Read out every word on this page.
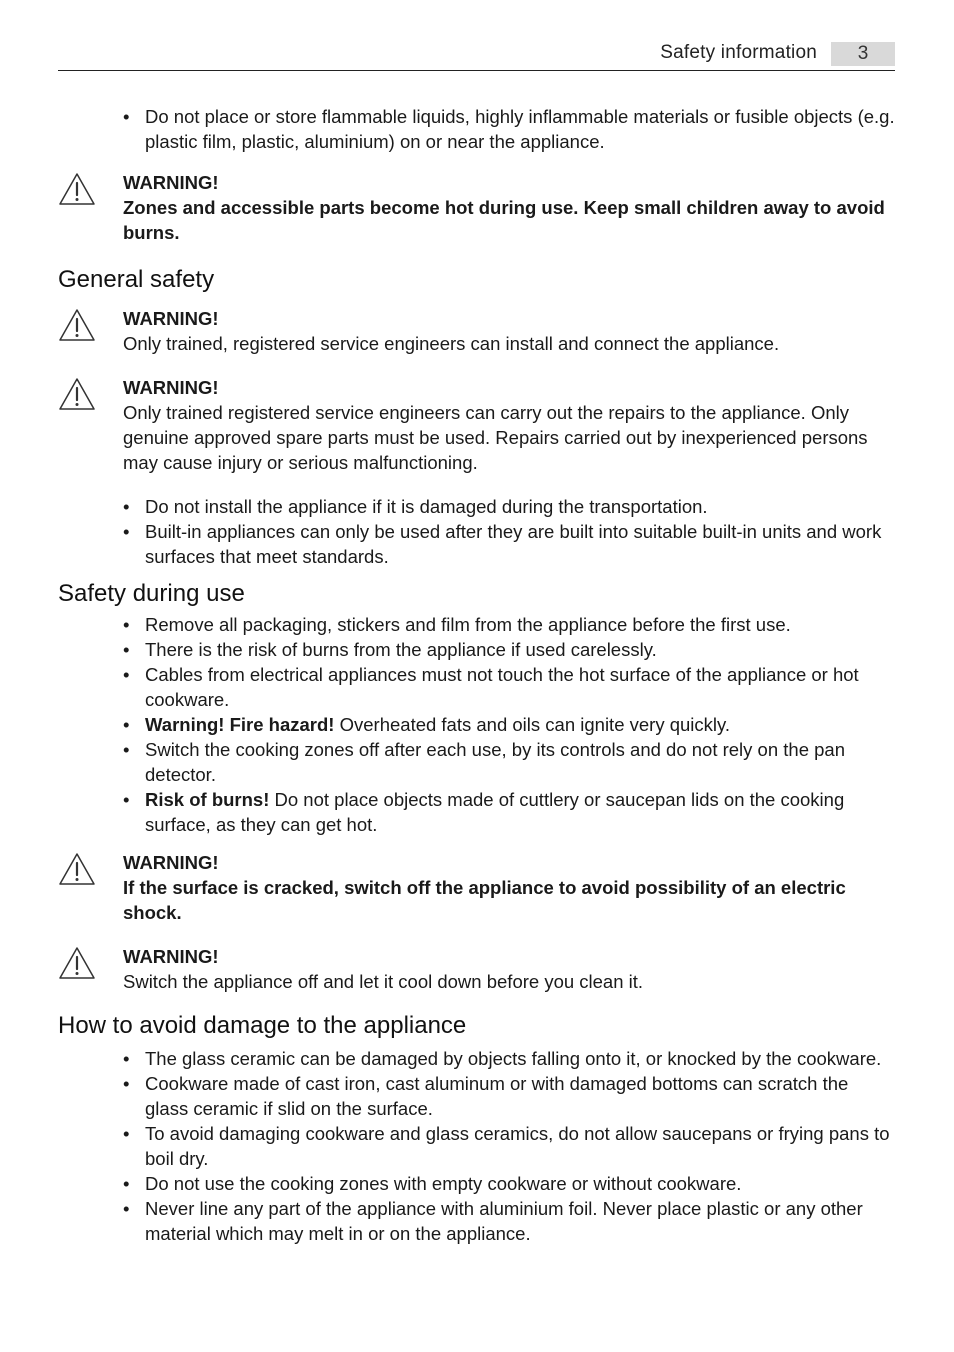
Safety information	3
• Do not place or store flammable liquids, highly inflammable materials or fusible objects (e.g. plastic film, plastic, aluminium) on or near the appliance.
WARNING!
Zones and accessible parts become hot during use. Keep small children away to avoid burns.
General safety
WARNING!
Only trained, registered service engineers can install and connect the appliance.
WARNING!
Only trained registered service engineers can carry out the repairs to the appliance. Only genuine approved spare parts must be used. Repairs carried out by inexperienced persons may cause injury or serious malfunctioning.
• Do not install the appliance if it is damaged during the transportation.
• Built-in appliances can only be used after they are built into suitable built-in units and work surfaces that meet standards.
Safety during use
• Remove all packaging, stickers and film from the appliance before the first use.
• There is the risk of burns from the appliance if used carelessly.
• Cables from electrical appliances must not touch the hot surface of the appliance or hot cookware.
• Warning! Fire hazard! Overheated fats and oils can ignite very quickly.
• Switch the cooking zones off after each use, by its controls and do not rely on the pan detector.
• Risk of burns! Do not place objects made of cuttlery or saucepan lids on the cooking surface, as they can get hot.
WARNING!
If the surface is cracked, switch off the appliance to avoid possibility of an electric shock.
WARNING!
Switch the appliance off and let it cool down before you clean it.
How to avoid damage to the appliance
• The glass ceramic can be damaged by objects falling onto it, or knocked by the cookware.
• Cookware made of cast iron, cast aluminum or with damaged bottoms can scratch the glass ceramic if slid on the surface.
• To avoid damaging cookware and glass ceramics, do not allow saucepans or frying pans to boil dry.
• Do not use the cooking zones with empty cookware or without cookware.
• Never line any part of the appliance with aluminium foil. Never place plastic or any other material which may melt in or on the appliance.
